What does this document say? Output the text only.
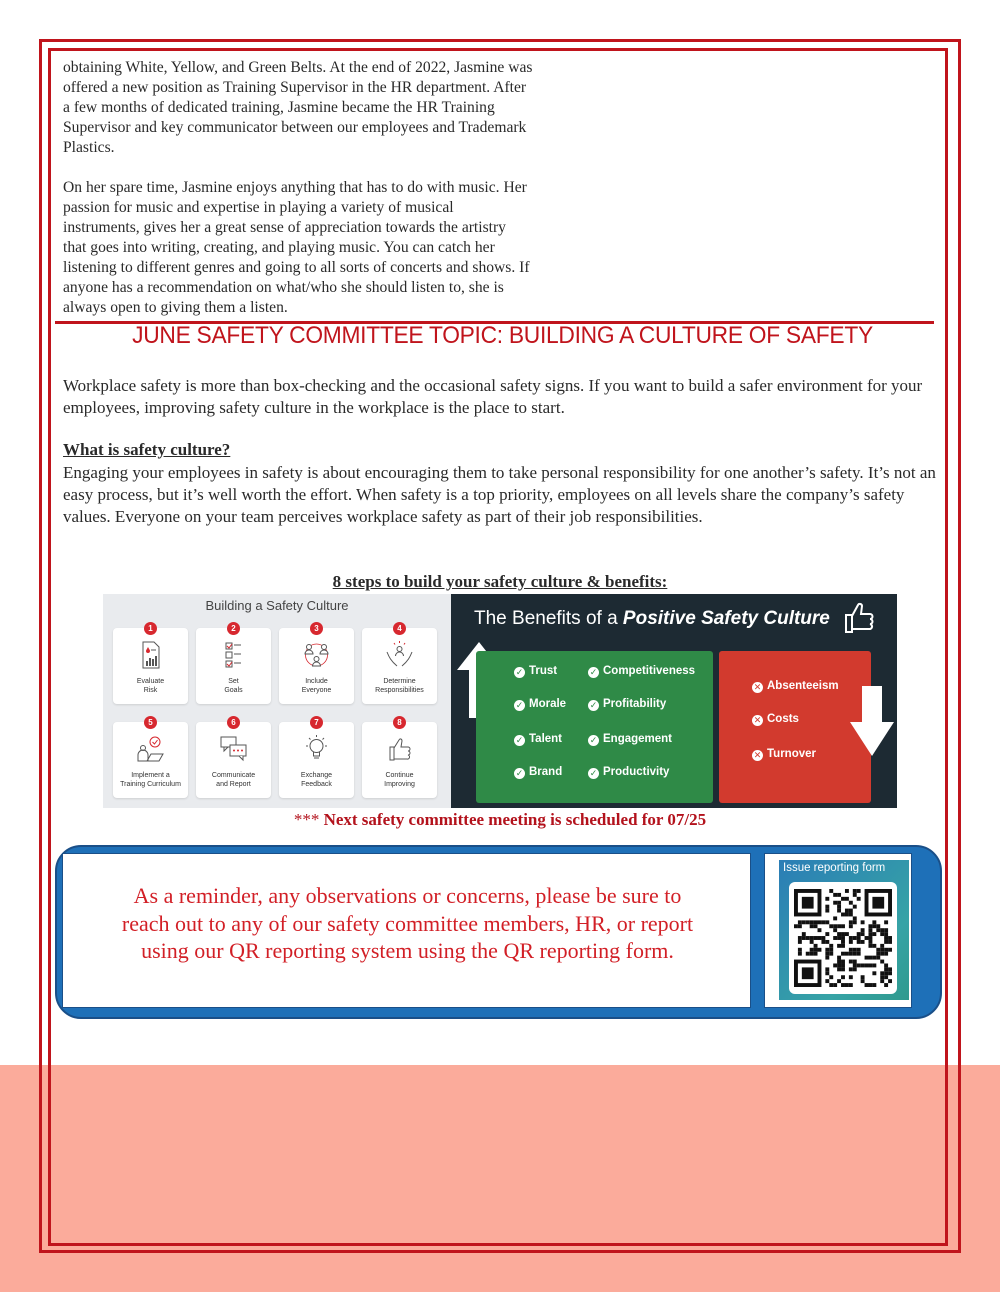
obtaining White, Yellow, and Green Belts. At the end of 2022, Jasmine was offered a new position as Training Supervisor in the HR department. After a few months of dedicated training, Jasmine became the HR Training Supervisor and key communicator between our employees and Trademark Plastics.

On her spare time, Jasmine enjoys anything that has to do with music. Her passion for music and expertise in playing a variety of musical instruments, gives her a great sense of appreciation towards the artistry that goes into writing, creating, and playing music. You can catch her listening to different genres and going to all sorts of concerts and shows. If anyone has a recommendation on what/who she should listen to, she is always open to giving them a listen.

JUNE SAFETY COMMITTEE TOPIC: BUILDING A CULTURE OF SAFETY
Workplace safety is more than box-checking and the occasional safety signs. If you want to build a safer environment for your employees, improving safety culture in the workplace is the place to start.
What is safety culture?
Engaging your employees in safety is about encouraging them to take personal responsibility for one another’s safety. It’s not an easy process, but it’s well worth the effort. When safety is a top priority, employees on all levels share the company’s safety values. Everyone on your team perceives workplace safety as part of their job responsibilities.
8 steps to build your safety culture & benefits:
Building a Safety Culture
1
Evaluate
Risk
2
Set
Goals
3
Include
Everyone
4
Determine
Responsibilities
5
Implement a
Training Curriculum
6
Communicate
and Report
7
Exchange
Feedback
8
Continue
Improving
The Benefits of a Positive Safety Culture
✓ Trust	✓ Competitiveness
✓ Morale	✓ Profitability
✓ Talent	✓ Engagement
✓ Brand	✓ Productivity
✕ Absenteeism
✕ Costs
✕ Turnover
*** Next safety committee meeting is scheduled for 07/25
As a reminder, any observations or concerns, please be sure to
reach out to any of our safety committee members, HR, or report
using our QR reporting system using the QR reporting form.
Issue reporting form
